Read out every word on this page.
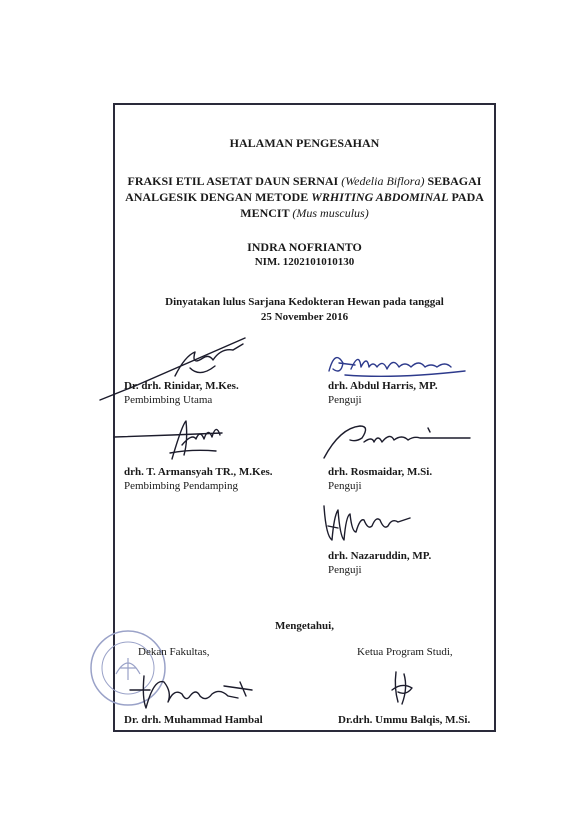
HALAMAN PENGESAHAN
FRAKSI ETIL ASETAT DAUN SERNAI (Wedelia Biflora) SEBAGAI
ANALGESIK DENGAN METODE WRHITING ABDOMINAL PADA
MENCIT (Mus musculus)
INDRA NOFRIANTO
NIM. 1202101010130
Dinyatakan lulus Sarjana Kedokteran Hewan pada tanggal
25 November 2016
Dr. drh. Rinidar, M.Kes.
Pembimbing Utama
drh. Abdul Harris, MP.
Penguji
drh. T. Armansyah TR., M.Kes.
Pembimbing Pendamping
drh. Rosmaidar, M.Si.
Penguji
drh. Nazaruddin, MP.
Penguji
Mengetahui,
Dekan Fakultas,	Ketua Program Studi,
Dr. drh. Muhammad Hambal	Dr.drh. Ummu Balqis, M.Si.
